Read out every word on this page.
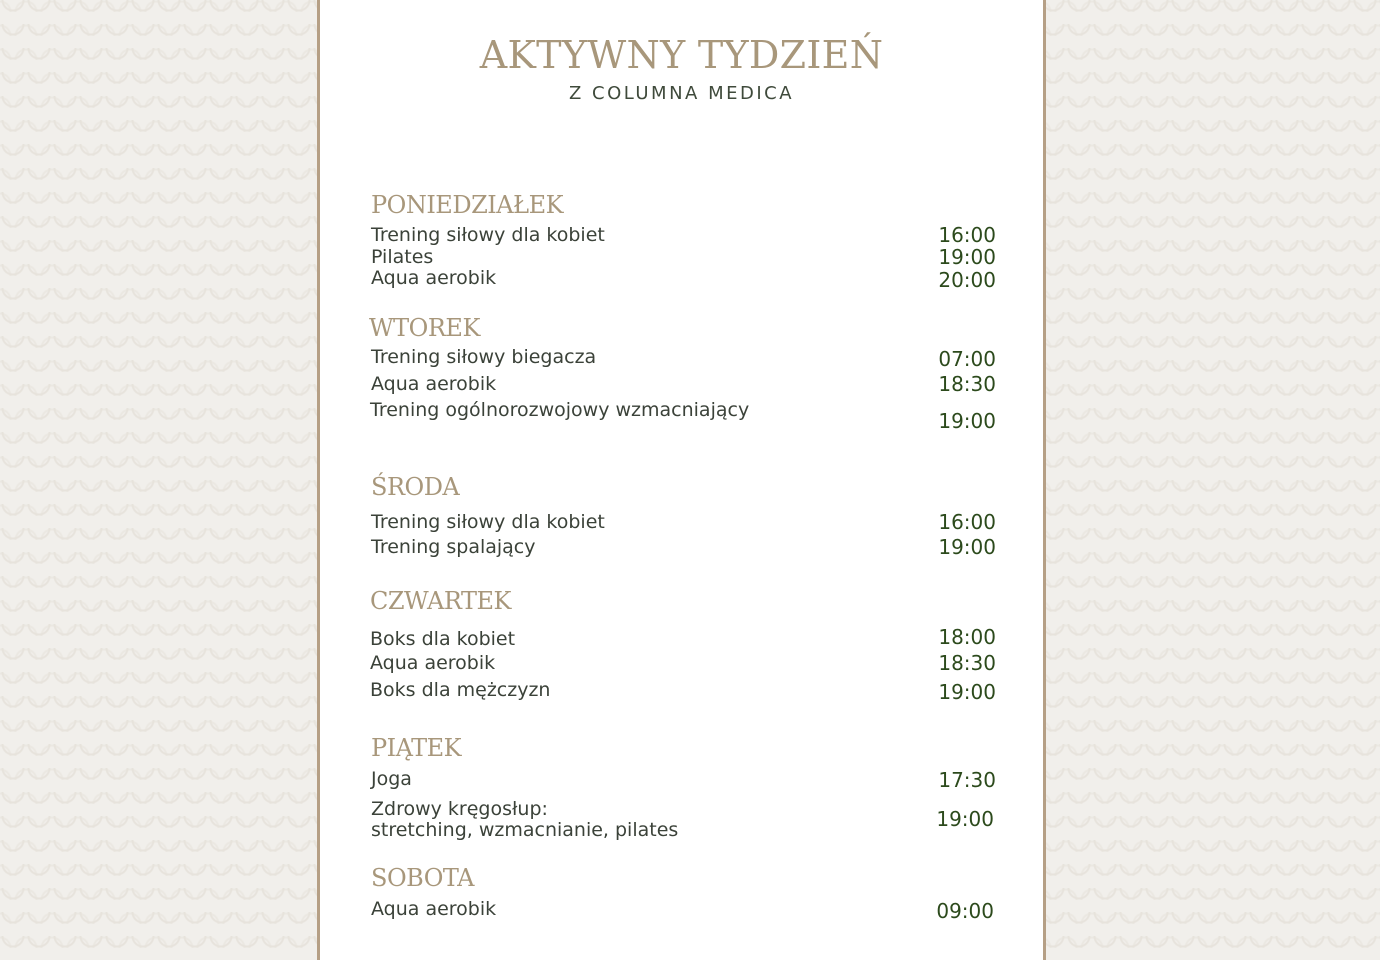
AKTYWNY TYDZIEŃ
Z COLUMNA MEDICA
PONIEDZIAŁEK
Trening siłowy dla kobiet	16:00
Pilates	19:00
Aqua aerobik	20:00
WTOREK
Trening siłowy biegacza	07:00
Aqua aerobik	18:30
Trening ogólnorozwojowy wzmacniający	19:00
ŚRODA
Trening siłowy dla kobiet	16:00
Trening spalający	19:00
CZWARTEK
Boks dla kobiet	18:00
Aqua aerobik	18:30
Boks dla mężczyzn	19:00
PIĄTEK
Joga	17:30
Zdrowy kręgosłup:
stretching, wzmacnianie, pilates	19:00
SOBOTA
Aqua aerobik	09:00
